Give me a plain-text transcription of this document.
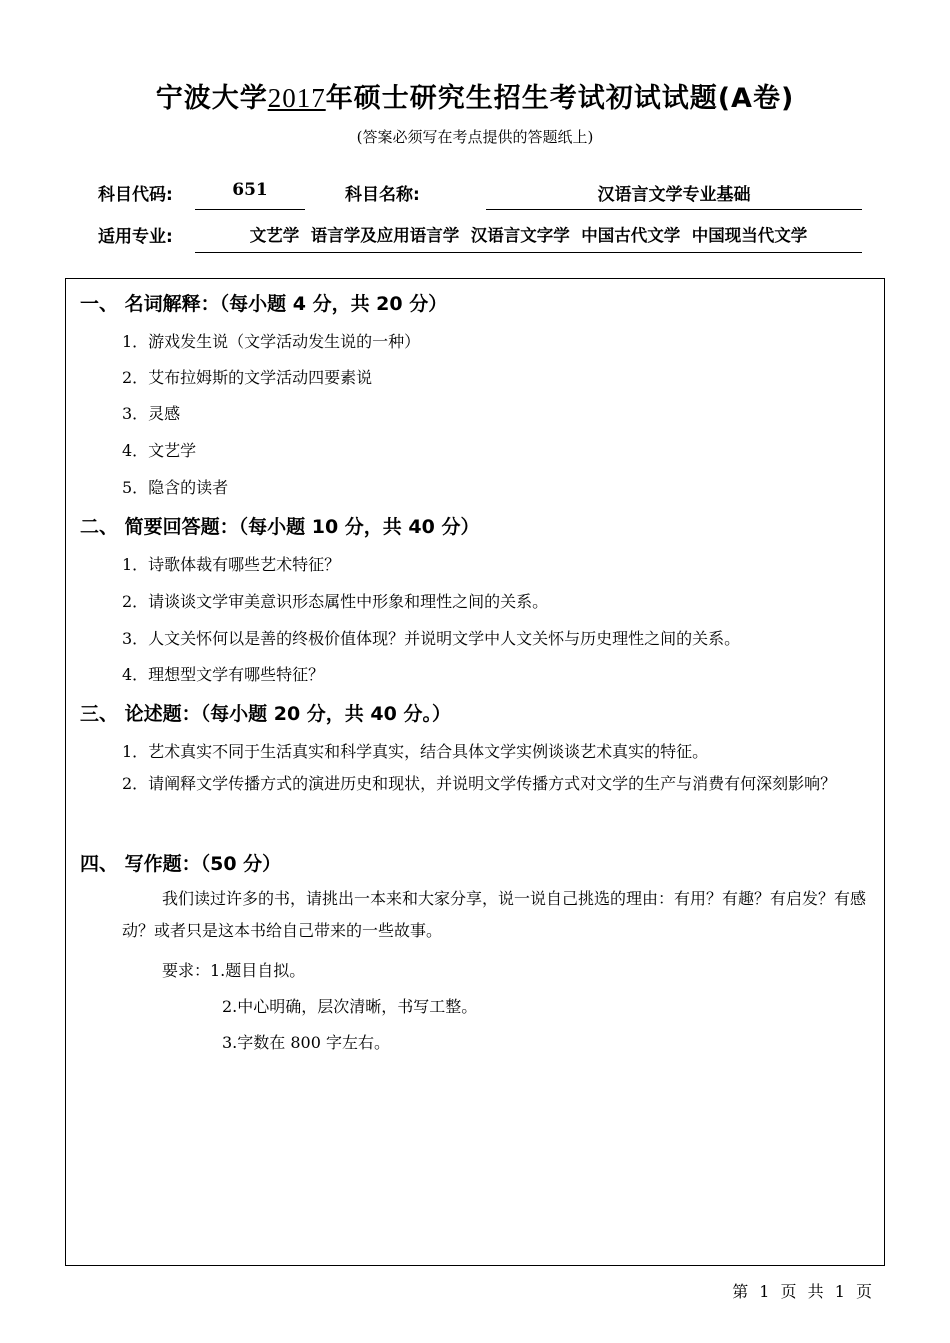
宁波大学2017年硕士研究生招生考试初试试题(A卷)
(答案必须写在考点提供的答题纸上)
科目代码:	651	科目名称:	汉语言文学专业基础
适用专业:	文艺学  语言学及应用语言学  汉语言文字学  中国古代文学  中国现当代文学
一、 名词解释：（每小题 4 分，共 20 分）
1．游戏发生说（文学活动发生说的一种）
2．艾布拉姆斯的文学活动四要素说
3．灵感
4．文艺学
5．隐含的读者
二、 简要回答题：（每小题 10 分，共 40 分）
1．诗歌体裁有哪些艺术特征？
2．请谈谈文学审美意识形态属性中形象和理性之间的关系。
3．人文关怀何以是善的终极价值体现？并说明文学中人文关怀与历史理性之间的关系。
4．理想型文学有哪些特征？
三、 论述题：（每小题 20 分，共 40 分。）
1．艺术真实不同于生活真实和科学真实，结合具体文学实例谈谈艺术真实的特征。
2．请阐释文学传播方式的演进历史和现状，并说明文学传播方式对文学的生产与消费有何深刻影响？
四、 写作题：（50 分）
我们读过许多的书，请挑出一本来和大家分享，说一说自己挑选的理由：有用？有趣？有启发？有感动？或者只是这本书给自己带来的一些故事。
要求：1.题目自拟。
2.中心明确，层次清晰，书写工整。
3.字数在 800 字左右。
第 1 页 共 1 页
